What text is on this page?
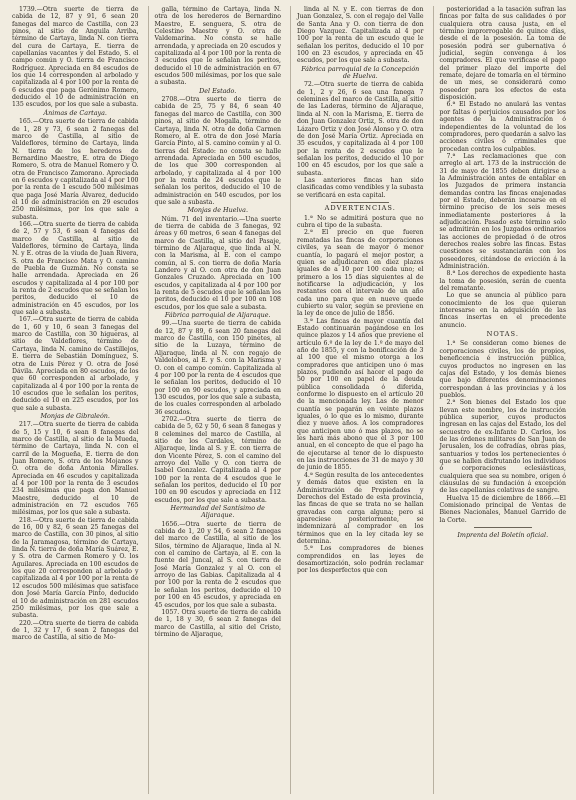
1739.—Otra suerte de tierra de cabida de 12, 87 y 91, 6 sean 20 fanegas del marco de Castilla, con 23 pinos, al sitio de Anguila Arriba, término de Cartaya, linda N. con tierra del cura de Cartaya, E. tierra de capellanías vacantes y del Estado, S. el campo común y O. tierra de Francisco Rodríguez. Apreciada en 84 escudos de los que 14 corresponden al arbolado y capitalizada al 4 por 100 por la renta de 6 escudos que paga Gerónimo Romero, deducido el 10 de administración en 135 escudos, por los que sale a subasta.

Ánimas de Cartaya.

165.—Otra suerte de tierra de cabida de 1, 28 y 73, 6 sean 2 fanegas del marco de Castilla, al sitio de Valdeflores, término de Cartaya, linda N. tierra de los herederos de Bernardino Maestre, E. otra de Diego Romero, S. otra de Manuel Romero y O. otra de Francisco Zamorano. Apreciada en 6 escudos y capitalizada al 4 por 100 por la renta de 1 escudo 500 milésimas que paga José María Álvarez, deducido el 10 de administración en 29 escudos 250 milésimas, por los que sale a subasta.

166.—Otra suerte de tierra de cabida de 2, 57 y 53, 6 sean 4 fanegas del marco de Castilla, al sitio de Valdeflores, término de Cartaya, linda N. y E. otras de la viuda de Juan Rivera, S. otra de Francisco Mata y O. camino de Puebla de Guzmán. No consta se halle arrendada. Apreciada en 26 escudos y capitalizada al 4 por 100 por la renta de 2 escudos que se señalan los peritos, deducido el 10 de administración en 45 escudos, por los que sale a subasta.

167.—Otra suerte de tierra de cabida de 1, 60 y 10, 6 sean 3 fanegas del marco de Castilla, con 30 higueras, al sitio de Valdeflores, término de Cartaya, linda N. camino de Castillejos, E. tierra de Sebastián Domínguez, S. otra de Luis Pérez y O. otra de José Dávila. Apreciada en 80 escudos, de los que 60 corresponden al arbolado, y capitalizada al 4 por 100 por la renta de 10 escudos que le señalan los peritos, deducido el 10 en 225 escudos, por los que sale a subasta.

Monjas de Gibraleón.

217.—Otra suerte de tierra de cabida de 5, 15 y 10, 6 sean 8 fanegas del marco de Castilla, al sitio de la Mueda, término de Cartaya, linda N. con el carril de la Mogueña, E. tierra de don Juan Romero, S. otra de los Mojanos y O. otra de doña Antonia Miralles. Apreciada en 46 escudos y capitalizada al 4 por 100 por la renta de 3 escudos 234 milésimas que paga don Manuel Maestre, deducido el 10 de administración en 72 escudos 765 milésimas, por los que sale a subasta.

218.—Otra suerte de tierra de cabida de 16, 00 y 82, 6 sean 25 fanegas del marco de Castilla, con 30 pinos, al sitio de la Jaramagosa, término de Cartaya, linda N. tierra de doña María Suárez, E. y S. otra de Carmen Romero y O. los Aguilares. Apreciada en 100 escudos de los que 20 corresponden al arbolado y capitalizada al 4 por 100 por la renta de 12 escudos 500 milésimas que satisface don José María García Pinto, deducido el 10 de administración en 281 escudos 250 milésimas, por los que sale a subasta.

220.—Otra suerte de tierra de cabida de 1, 32 y 17, 6 sean 2 fanegas del marco de Castilla, al sitio de Mo-

galla, término de Cartaya, linda N. otra de los herederos de Bernardino Maestre, E. senguera, S. otra de Celestino Maestre y O. otra de Valdemarina. No consta se halle arrendada, y apreciada en 20 escudos y capitalizada al 4 por 100 por la renta de 3 escudos que le señalan los peritos, deducido el 10 de administración en 67 escudos 500 milésimas, por los que sale a subasta.

Del Estado.

2708.—Otra suerte de tierra de cabida de 25, 75 y 84, 6 sean 40 fanegas del marco de Castilla, con 300 pinos, al sitio de Mogalla, término de Cartaya, linda N. otra de doña Carmen Romero, al E. otra de don José María García Pinto, al S. camino común y al O. tierras del Estado: no consta se halle arrendada. Apreciada en 500 escudos, de los que 300 corresponden al arbolado, y capitalizada al 4 por 100 por la renta de 24 escudos que le señalan los peritos, deducido el 10 de administración en 540 escudos, por los que sale a subasta.

Monjas de Huelva.

Núm. 71 del inventario.—Una suerte de tierra de cabida de 3 fanegas, 92 áreas y 60 metros, 6 sean 4 fanegas del marco de Castilla, al sitio del Pasaje, término de Aljaraque, que linda al N. con la Marisma, al E. con el campo común, al S. con tierra de doña María Landero y al O. con otra de don Juan Gonzales Cruzado. Apreciada en 100 escudos, y capitalizada al 4 por 100 por la renta de 5 escudos que le señalan los peritos, deducido el 10 por 100 en 108 escudos, por los que sale a subasta.

Fábrica parroquial de Aljaraque.

99.—Una suerte de tierra de cabida de 12, 87 y 89, 6 sean 20 fanegas del marco de Castilla, con 150 pinetes, al sitio de la Luzaya, término de Aljaraque, linda al N. con regajo de Valdelobos, al E. y S. con la Marisma y O. con el campo común. Capitalizada al 4 por 100 por la renta de 4 escudos que le señalan los peritos, deducido el 10 por 100 en 90 escudos, y apreciada en 130 escudos, por los que sale a subasta, de los cuales corresponden al arbolado 36 escudos.

2702.—Otra suerte de tierra de cabida de 5, 62 y 50, 6 sean 8 fanegas y 8 celemines del marco de Castilla, al sitio de los Cardales, término de Aljaraque, linda al S. y E. con tierra de don Vicente Pérez, S. con el camino del arroyo del Valle y O. con tierra de Isabel Gonzalez. Capitalizada al 4 por 100 por la renta de 4 escudos que le señalan los peritos, deducido el 10 por 100 en 90 escudos y apreciada en 112 escudos, por los que sale a subasta.

Hermandad del Santísimo de Aljaraque.

1656.—Otra suerte de tierra de cabida de 1, 20 y 54, 6 sean 2 fanegas del marco de Castilla, al sitio de los Silos, término de Aljaraque, linda al N. con el camino de Cartaya, al E. con la fuente del Juncal, al S. con tierra de José María Gonzalez y al O. con el arroyo de las Gabias. Capitalizada al 4 por 100 por la renta de 2 escudos que le señalan los peritos, deducido el 10 por 100 en 45 escudos, y apreciada en 45 escudos, por los que sale a subasta.

1057. Otra suerte de tierra de cabida de 1, 18 y 30, 6 sean 2 fanegas del marco de Castilla, al sitio del Cristo, término de Aljaraque,

linda al N. y E. con tierras de don Juan Gonzalez, S. con el regajo del Valle de Santa Ana y O. con tierra de don Diego Vazquez. Capitalizada al 4 por 100 por la renta de un escudo que le señalan los peritos, deducido el 10 por 100 en 23 escudos, y apreciada en 45 escudos, por los que sale a subasta.

Fábrica parroquial de la Concepción de Huelva.

72.—Otra suerte de tierra de cabida de 1, 2 y 26, 6 sea una fanega 7 celemines del marco de Castilla, al sitio de las Laderas, término de Aljaraque, linda al N. con la Marisma, E. tierra de don Juan Gonzalez Ortiz, S. otra de don Lázaro Ortiz y don José Alonso y O. otra de don José María Ortiz. Apreciada en 35 escudos, y capitalizada al 4 por 100 por la renta de 2 escudos que le señalan los peritos, deducido el 10 por 100 en 45 escudos, por los que sale a subasta.

Las anteriores fincas han sido clasificadas como vendibles y la subasta se verificará en esta capital.

ADVERTENCIAS.

1.ª No se admitirá postura que no cubra el tipo de la subasta.

2.ª El precio en que fueren rematadas las fincas de corporaciones civiles, ya sean de mayor ó menor cuantía, lo pagará el mejor postor, a quien se adjudicaren en diez plazos iguales de a 10 por 100 cada uno; el primero a los 15 días siguientes al de notificarse la adjudicación, y los restantes con el intervalo de un año cada uno para que en nueve quede cubierto su valor, según se previene en la ley de once de julio de 1856.

3.ª Las fincas de mayor cuantía del Estado continuarán pagándose en los quince plazos y 14 años que previene el artículo 6.º de la ley de 1.º de mayo del año de 1855, y con la bonificación de 3 al 100 que el mismo otorga a los compradores que anticipen uno ó mas plazos, pudiendo así hacer el pago de 50 por 100 en papel de la deuda pública consolidada ó diferida, conforme lo dispuesto en el artículo 20 de la mencionada ley. Las de menor cuantía se pagarán en veinte plazos iguales, ó lo que es lo mismo, durante diez y nueve años. A los compradores que anticipen uno ó mas plazos, no se les hará más abono que el 3 por 100 anual, en el concepto de que el pago ha de ejecutarse al tenor de lo dispuesto en las instrucciones de 31 de mayo y 30 de junio de 1855.

4.ª Según resulta de los antecedentes y demás datos que existen en la Administración de Propiedades y Derechos del Estado de esta provincia, las fincas de que se trata no se hallan gravadas con carga alguna; pero si apareciese posteriormente, se indemnizará al comprador en los términos que en la ley citada ley se determina.

5.ª Los compradores de bienes comprendidos en las leyes de desamortización, solo podrán reclamar por los desperfectos que con

posterioridad a la tasación sufran las fincas por falta de sus calidades ó por cualquiera otra causa justa, en el término improrrogable de quince días, desde el de la posesión. La toma de posesión podrá ser gubernativa ó judicial, según convenga á los compradores. El que verificase el pago del primer plazo del importe del remate, dejare de tomarla en el término de un mes, se considerará como poseedor para los efectos de esta disposición.

6.ª El Estado no anulará las ventas por faltas ó perjuicios causados por los agentes de la Administración ó independientes de la voluntad de los compradores, pero quedarán a salvo las acciones civiles ó criminales que procedan contra los culpables.

7.ª Las reclamaciones que con arreglo al art. 173 de la instrucción de 31 de mayo de 1855 deben dirigirse a la Administración antes de entablar en los Juzgados de primera instancia demandas contra las fincas enajenadas por el Estado, deberán incoarse en el término preciso de los seis meses inmediatamente posteriores á la adjudicación. Pasado este término solo se admitirán en los Juzgados ordinarios las acciones de propiedad ó de otros derechos reales sobre las fincas. Estas cuestiones se sustanciarán con los poseedores, citándose de evicción á la Administración.

8.ª Los derechos de expediente hasta la toma de posesión, serán de cuenta del rematante.

Lo que se anuncia al público para conocimiento de los que quieran interesarse en la adquisición de las fincas insertas en el precedente anuncio.

NOTAS.

1.ª Se consideran como bienes de corporaciones civiles, los de propios, beneficencia é instrucción pública, cuyos productos no ingresen en las cajas del Estado, y los demás bienes que bajo diferentes denominaciones correspondan á las provincias y á los pueblos.

2.ª Son bienes del Estado los que llevan este nombre, los de instrucción pública superior, cuyos productos ingresan en las cajas del Estado, los del secuestro de ex-Infante D. Carlos, los de las órdenes militares de San Juan de Jerusalen, los de cofradías, obras pías, santuarios y todos los pertenecientes ó que se hallen disfrutando los individuos ó corporaciones eclesiásticas, cualquiera que sea su nombre, origen ó cláusulas de su fundación á excepción de las capellanías colativas de sangre.

Huelva 15 de diciembre de 1866.—El Comisionado principal de Ventas de Bienes Nacionales, Manuel Garrido de la Corte.

Imprenta del Boletín oficial.
